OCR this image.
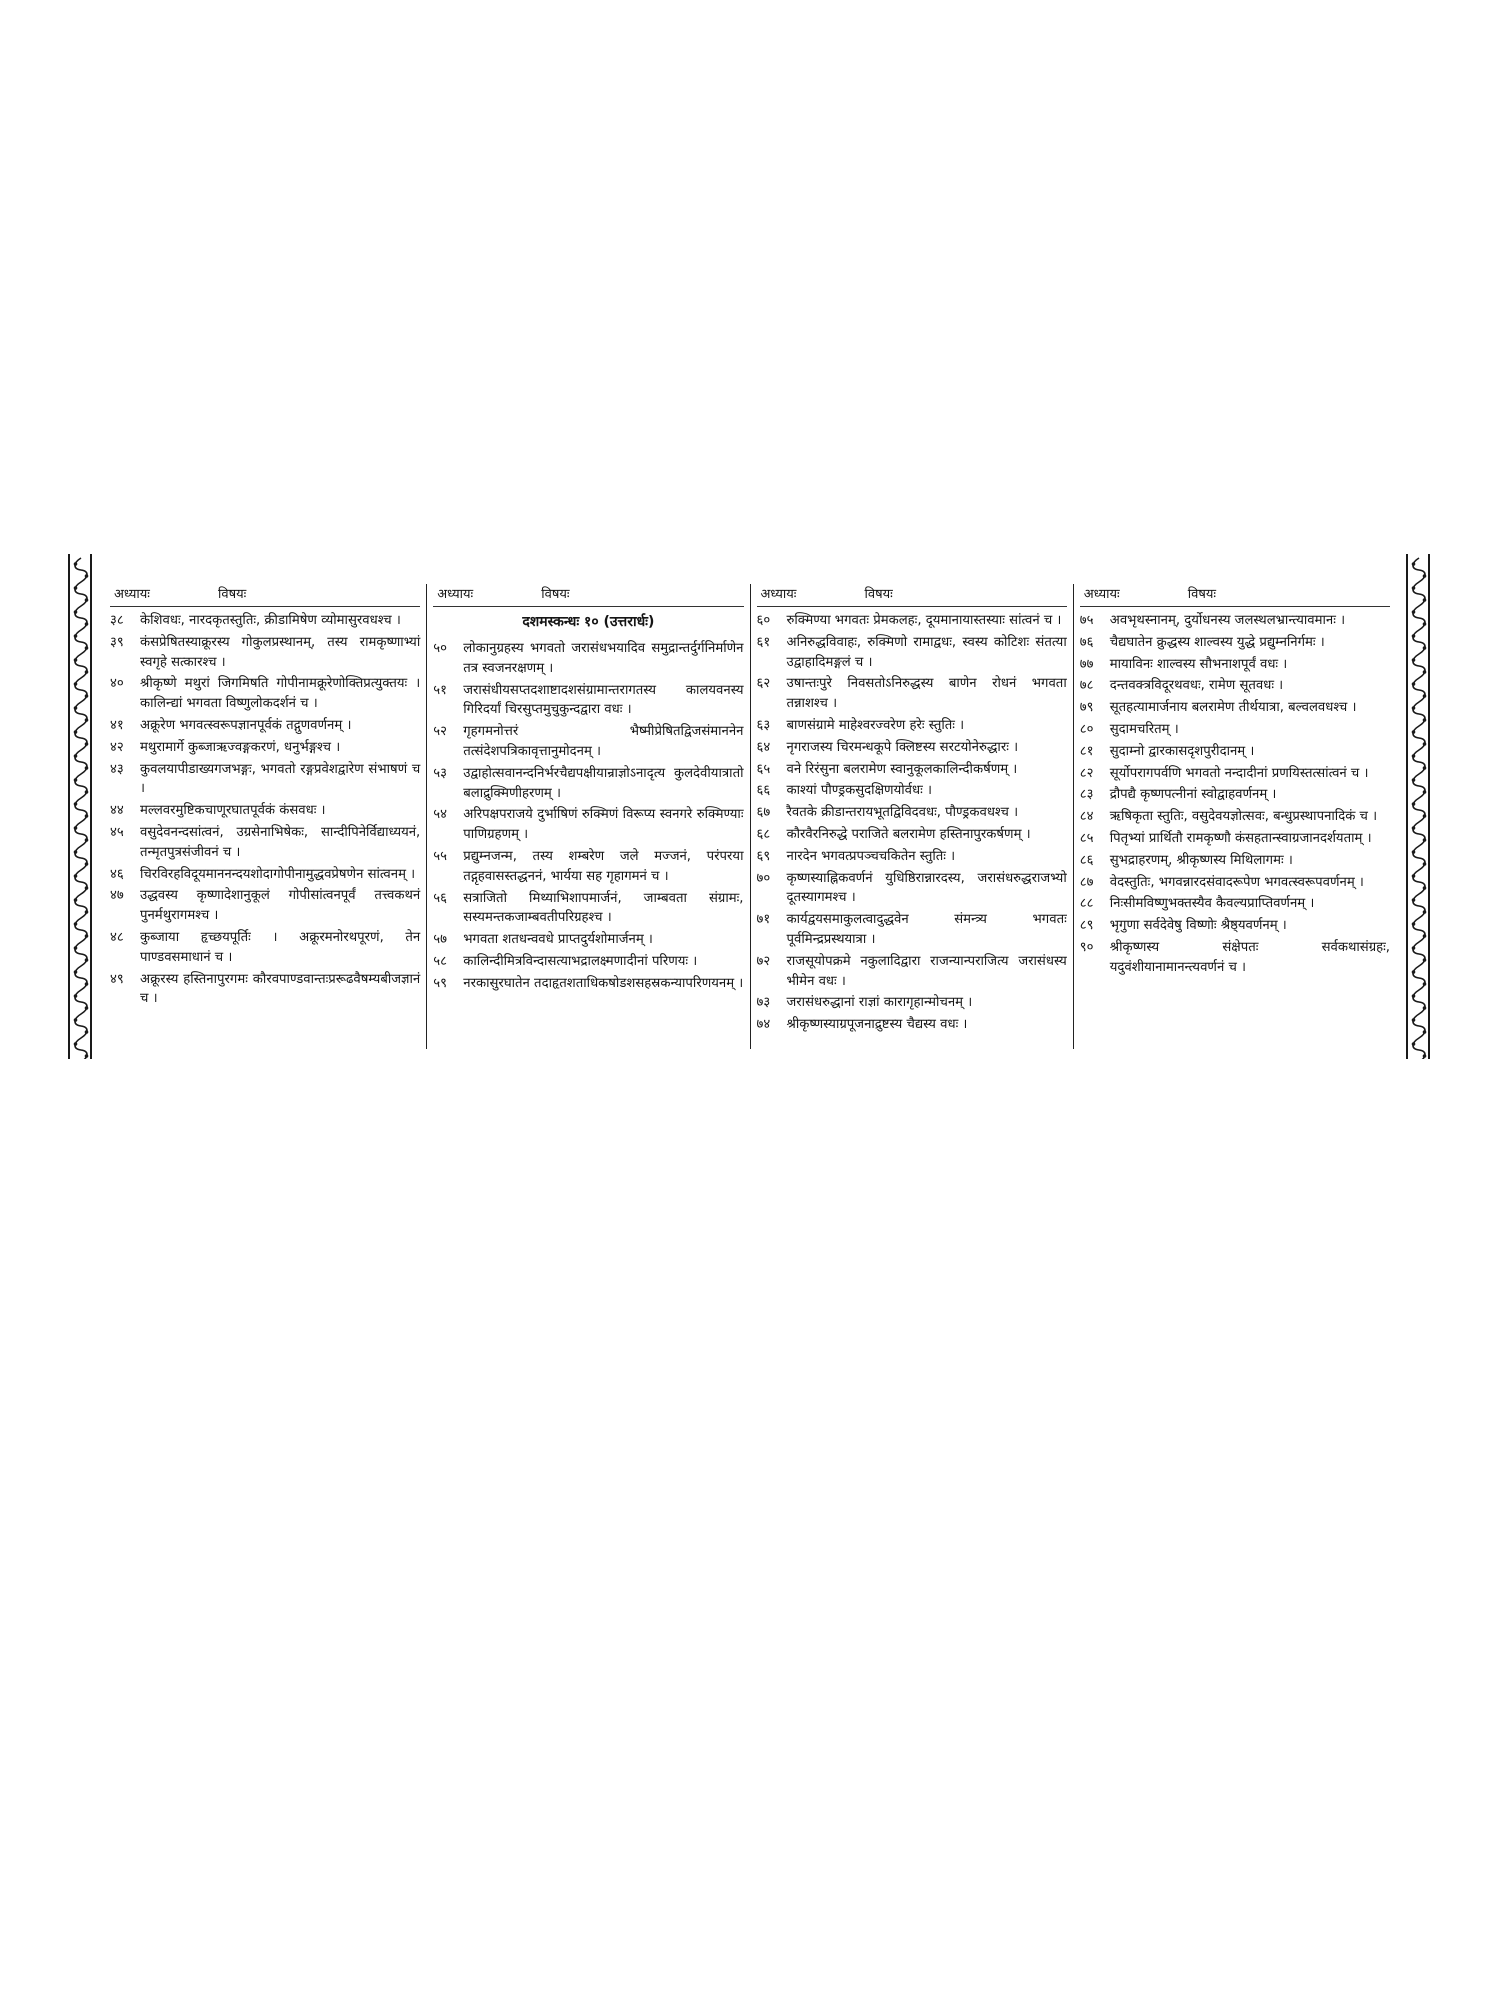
अध्यायः	विषयः
३८	केशिवधः, नारदकृतस्तुतिः, क्रीडामिषेण व्योमासुरवधश्च ।
३९	कंसप्रेषितस्याक्रूरस्य गोकुलप्रस्थानम्, तस्य रामकृष्णाभ्यां स्वगृहे सत्कारश्च ।
४०	श्रीकृष्णे मथुरां जिगमिषति गोपीनामक्रूरेणोक्तिप्रत्युक्तयः । कालिन्द्यां भगवता विष्णुलोकदर्शनं च ।
४१	अक्रूरेण भगवत्स्वरूपज्ञानपूर्वकं तद्गुणवर्णनम् ।
४२	मथुरामार्गे कुब्जाऋज्वङ्गकरणं, धनुर्भङ्गश्च ।
४३	कुवलयापीडाख्यगजभङ्गः, भगवतो रङ्गप्रवेशद्वारेण संभाषणं च ।
४४	मल्लवरमुष्टिकचाणूरघातपूर्वकं कंसवधः ।
४५	वसुदेवनन्दसांत्वनं, उग्रसेनाभिषेकः, सान्दीपिनेर्विद्याध्ययनं, तन्मृतपुत्रसंजीवनं च ।
४६	चिरविरहविदूयमाननन्दयशोदागोपीनामुद्धवप्रेषणेन सांत्वनम् ।
४७	उद्धवस्य कृष्णादेशानुकूलं गोपीसांत्वनपूर्वं तत्त्वकथनं पुनर्मथुरागमश्च ।
४८	कुब्जाया हृच्छयपूर्तिः । अक्रूरमनोरथपूरणं, तेन पाण्डवसमाधानं च ।
४९	अक्रूरस्य हस्तिनापुरगमः कौरवपाण्डवान्तःप्ररूढवैषम्यबीजज्ञानं च ।
अध्यायः	विषयः
दशमस्कन्धः १० (उत्तरार्धः)
५०	लोकानुग्रहस्य भगवतो जरासंधभयादिव समुद्रान्तर्दुर्गनिर्माणेन तत्र स्वजनरक्षणम् ।
५१	जरासंधीयसप्तदशाष्टादशसंग्रामान्तरागतस्य कालयवनस्य गिरिदर्यां चिरसुप्तमुचुकुन्दद्वारा वधः ।
५२	गृहगमनोत्तरं भैष्मीप्रेषितद्विजसंमाननेन तत्संदेशपत्रिकावृत्तानुमोदनम् ।
५३	उद्वाहोत्सवानन्दनिर्भरचैद्यपक्षीयान्राज्ञोऽनादृत्य कुलदेवीयात्रातो बलाद्रुक्मिणीहरणम् ।
५४	अरिपक्षपराजये दुर्भाषिणं रुक्मिणं विरूप्य स्वनगरे रुक्मिण्याः पाणिग्रहणम् ।
५५	प्रद्युम्नजन्म, तस्य शम्बरेण जले मज्जनं, परंपरया तद्गृहवासस्तद्धननं, भार्यया सह गृहागमनं च ।
५६	सत्राजितो मिथ्याभिशापमार्जनं, जाम्बवता संग्रामः, सस्यमन्तकजाम्बवतीपरिग्रहश्च ।
५७	भगवता शतधन्ववधे प्राप्तदुर्यशोमार्जनम् ।
५८	कालिन्दीमित्रविन्दासत्याभद्रालक्ष्मणादीनां परिणयः ।
५९	नरकासुरघातेन तदाहृतशताधिकषोडशसहस्रकन्यापरिणयनम् ।
अध्यायः	विषयः
६०	रुक्मिण्या भगवतः प्रेमकलहः, दूयमानायास्तस्याः सांत्वनं च ।
६१	अनिरुद्धविवाहः, रुक्मिणो रामाद्वधः, स्वस्य कोटिशः संतत्या उद्वाहादिमङ्गलं च ।
६२	उषान्तःपुरे निवसतोऽनिरुद्धस्य बाणेन रोधनं भगवता तन्नाशश्च ।
६३	बाणसंग्रामे माहेश्वरज्वरेण हरेः स्तुतिः ।
६४	नृगराजस्य चिरमन्धकूपे क्लिष्टस्य सरटयोनेरुद्धारः ।
६५	वने रिरंसुना बलरामेण स्वानुकूलकालिन्दीकर्षणम् ।
६६	काश्यां पौण्ड्रकसुदक्षिणयोर्वधः ।
६७	रैवतके क्रीडान्तरायभूतद्विविदवधः, पौण्ड्रकवधश्च ।
६८	कौरवैरनिरुद्धे पराजिते बलरामेण हस्तिनापुरकर्षणम् ।
६९	नारदेन भगवत्प्रपञ्चचकितेन स्तुतिः ।
७०	कृष्णस्याह्निकवर्णनं युधिष्ठिरान्नारदस्य, जरासंधरुद्धराजभ्यो दूतस्यागमश्च ।
७१	कार्यद्वयसमाकुलत्वादुद्धवेन संमन्त्र्य भगवतः पूर्वमिन्द्रप्रस्थयात्रा ।
७२	राजसूयोपक्रमे नकुलादिद्वारा राजन्यान्पराजित्य जरासंधस्य भीमेन वधः ।
७३	जरासंधरुद्धानां राज्ञां कारागृहान्मोचनम् ।
७४	श्रीकृष्णस्याग्रपूजनाद्रुष्टस्य चैद्यस्य वधः ।
अध्यायः	विषयः
७५	अवभृथस्नानम्, दुर्योधनस्य जलस्थलभ्रान्त्यावमानः ।
७६	चैद्यघातेन क्रुद्धस्य शाल्वस्य युद्धे प्रद्युम्ननिर्गमः ।
७७	मायाविनः शाल्वस्य सौभनाशपूर्वं वधः ।
७८	दन्तवक्त्रविदूरथवधः, रामेण सूतवधः ।
७९	सूतहत्यामार्जनाय बलरामेण तीर्थयात्रा, बल्वलवधश्च ।
८०	सुदामचरितम् ।
८१	सुदाम्नो द्वारकासदृशपुरीदानम् ।
८२	सूर्योपरागपर्वणि भगवतो नन्दादीनां प्रणयिस्तत्सांत्वनं च ।
८३	द्रौपद्यै कृष्णपत्नीनां स्वोद्वाहवर्णनम् ।
८४	ऋषिकृता स्तुतिः, वसुदेवयज्ञोत्सवः, बन्धुप्रस्थापनादिकं च ।
८५	पितृभ्यां प्रार्थितौ रामकृष्णौ कंसहतान्स्वाग्रजानदर्शयताम् ।
८६	सुभद्राहरणम्, श्रीकृष्णस्य मिथिलागमः ।
८७	वेदस्तुतिः, भगवन्नारदसंवादरूपेण भगवत्स्वरूपवर्णनम् ।
८८	निःसीमविष्णुभक्तस्यैव कैवल्यप्राप्तिवर्णनम् ।
८९	भृगुणा सर्वदेवेषु विष्णोः श्रैष्ठ्यवर्णनम् ।
९०	श्रीकृष्णस्य संक्षेपतः सर्वकथासंग्रहः, यदुवंशीयानामानन्त्यवर्णनं च ।
